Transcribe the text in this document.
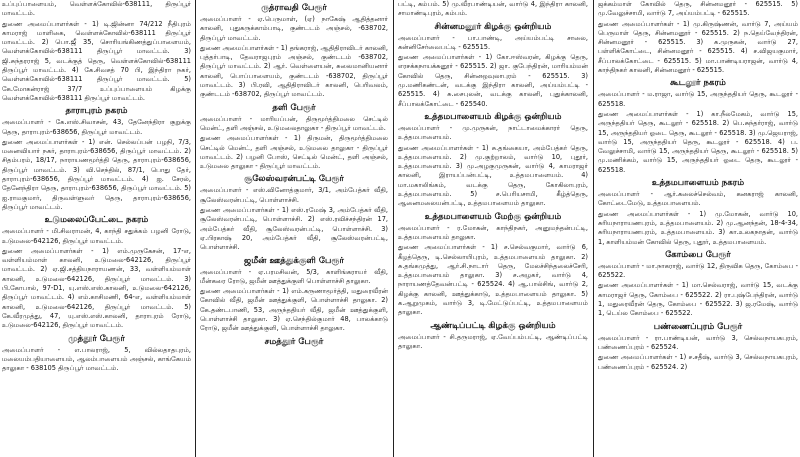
உப்புப்பாளையம், வெள்ளக்கோவில்-638111, திருப்பூர் மாவட்டம்.
துணை அமைப்பாளர்கள் - 1) டி.ஜின்னா 74/212 நீதிபுரம் காமராஜ் மாளிகை, வெள்ளக்கோவில்-638111 திருப்பூர் மாவட்டம். 2) பொ.ஜீ 35, சொரியங்கிணத்துப்பாளையம், வெள்ளக்கோவில்-638111 திருப்பூர் மாவட்டம். 3) ஜி.சுந்தரராஜ் 5, வடக்குத் தெரு, வெள்ளக்கோவில்-638111 திருப்பூர் மாவட்டம். 4) கே.சிவசத் 70 பி, இந்திரா நகர், வெள்ளக்கோவில்-638111 திருப்பூர் மாவட்டம். 5) கே.மோகன்ராஜ் 37/7 உப்புப்பாளையம் கிழக்கு வெள்ளக்கோவில்-638111 திருப்பூர் மாவட்டம்.
தாராபுரம் நகரம்
அமைப்பாளர் - கே.எஸ்.சிவாசன், 43, தேனேந்திரா குறுக்கு தெரு, தாராபுரம்-638656, திருப்பூர் மாவட்டம்.
துணை அமைப்பாளர்கள் - 1) என். செல்லப்பன் பழநி, 7/3, மனைவியார் நகர், தாராபுரம்-638656, திருப்பூர் மாவட்டம். 2) சிதம்பரம், 18/17, நாராயணமூர்த்தி தெரு, தாராபுரம்-638656, திருப்பூர் மாவட்டம். 3) வி.செந்தில், 87/1, பொது தேர், தாராபுரம்-638656, திருப்பூர் மாவட்டம். 4) ஐ. சேரல், தேனேந்திரா தெரு, தாராபுரம்-638656, திருப்பூர் மாவட்டம். 5) ஐ.ராமகுமார், திருவள்ளுவர் தெரு, தாராபுரம்-638656, திருப்பூர் மாவட்டம்.
உடுமலைப்பேட்டை நகரம்
அமைப்பாளர் - மி.சிவராமன், 4, காந்தி சதுக்கம் பழனி ரோடு, உடுமலை-642126, திருப்பூர் மாவட்டம்.
துணை அமைப்பாளர்கள் - 1) எம்.முருகேசன், 17-எ, வள்ளியம்மாள் காலனி, உடுமலை-642126, திருப்பூர் மாவட்டம். 2) ஏ.ஜி.சத்தியநாராயணன், 33, வள்ளியம்மாள் காலனி, உடுமலை-642126, திருப்பூர் மாவட்டம். 3) பி.கோபால், 97-D1, யு.எஸ்.எஸ்.காலனி, உடுமலை-642126, திருப்பூர் மாவட்டம். 4) எம்.காசிமணி, 64-எ, வள்ளியம்மாள் காலனி, உடுமலை-642126, திருப்பூர் மாவட்டம். 5) கே.வீரமுத்து, 47, யு.எஸ்.எஸ்.காலனி, தாராபுரம் ரோடு, உடுமலை-642126, திருப்பூர் மாவட்டம்.
முத்தூர் பேரூர்
அமைப்பாளர் - எ.பாலராஜ், 5, வில்லதாதபுரம், மலையம்பதியாளையம், ஆலம்பாளையம் அஞ்சல், காங்கேயம் தாலுகா - 638105 திருப்பூர் மாவட்டம்.
ருத்ராவதி பேரூர்
அமைப்பாளர் - ஏ.பெருமாள், (ஏ) நாகேஷ் ஆதித்தனார் காலனி, புதுகருக்காம்பாடி, குண்டடம் அஞ்சல், -638702, திருப்பூர் மாவட்டம்.
துணை அமைப்பாளர்கள் - 1) தங்கராஜ், ஆதிதிராவிடர் காலனி, புத்தர்பாடி, தேவராஜபுரம் அஞ்சல், குண்டடம் -638702, திருப்பூர் மாவட்டம். 2) ஆர். வெள்ளையன், சுலைமானியனார் காலனி, பொப்பாளையம், குண்டடம் -638702, திருப்பூர் மாவட்டம். 3) பி.ரவி, ஆதிதிராவிடர் காலனி, பெரிவலம், குண்டடம் -638702, திருப்பூர் மாவட்டம்.
தளி பேரூர்
அமைப்பாளர் - மாரியப்பன், திருமூர்த்திமலை செட்டில் மென்ட், தளி அஞ்சல், உடுமலைதாலுகா - திருப்பூர் மாவட்டம்.
துணை அமைப்பாளர்கள் - 1) திருமன், திருமூர்த்திமலை செட்டில் மென்ட், தளி அஞ்சல், உடுமலை தாலுகா - திருப்பூர் மாவட்டம். 2) பழனி போஸ், செட்டில் மென்ட், தளி அஞ்சல், உடுமலை தாலுகா - திருப்பூர் மாவட்டம்.
சூலேஸ்வரன்பட்டி பேரூர்
அமைப்பாளர் - எஸ்.வினோத்குமார், 3/1, அம்பேத்கர் வீதி, சூலேஸ்வரன்பட்டி, பொள்ளாச்சி.
துணை அமைப்பாளர்கள் - 1) எஸ்.ரமேஷ் 3, அம்பேத்கர் வீதி, சூலேஸ்வரன்பட்டி, பொள்ளாச்சி. 2) எஸ்.ரவிச்சந்திரன் 17, அம்பேத்கர் வீதி, சூலேஸ்வரன்பட்டி, பொள்ளாச்சி. 3) ஏ.பிரகாஷ் 20, அம்பேத்கர் வீதி, சூலேஸ்வரன்பட்டி, பொள்ளாச்சி.
ஜமீன் ஊத்துக்குளி பேரூர்
அமைப்பாளர் - ஏ.பரமசிவன், 5/3, காளிங்கராயர் வீதி, மீன்கரை ரோடு, ஜமீன் ஊத்துக்குளி பொள்ளாச்சி தாலுகா.
துணை அமைப்பாளர்கள் - 1) எம்.கருணாமூர்த்தி, மதுரைவீரன் கோவில் வீதி, ஜமீன் ஊத்துக்குளி, பொள்ளாச்சி தாலுகா. 2) கே.தண்டபாணி, 53, அருந்ததியர் வீதி, ஜமீன் ஊத்துக்குளி, பொள்ளாச்சி தாலுகா. 3) ஏ.செந்தில்குமார் 48, பாலக்காடு ரோடு, ஜமீன் ஊத்துக்குளி, பொள்ளாச்சி தாலுகா.
சமத்தூர் பேரூர்
பட்டி, கம்பம். 5) மு.வீரபாண்டியன், வார்டு 4, இந்திரா காலனி, சாமாண்டிபுரம், கம்பம்.
சின்னமனூர் கிழக்கு ஒன்றியம்
அமைப்பாளர் - பா.பாண்டி, அய்யம்பட்டி சாலை, கன்னிசேர்வைபட்டி - 625515.
துணை அமைப்பாளர்கள் - 1) கோ.ஈஸ்வரன், கிழக்கு தெரு, எரசக்கநாயக்கனூர் - 625515. 2) ஜா. குபேந்திரன், மாரியம்மன் கோவில் தெரு, சின்னஒவுலாபுரம் - 625515. 3) மு.மணிகண்டன், வடக்கு இந்திரா காலனி, அய்யம்பட்டி - 625515. 4) சு.சைபுலன், வடக்கு காலனி, புதுக்காலனி, சீப்பாலக்கோட்டை - 625540.
உத்தமபாளையம் கிழக்கு ஒன்றியம்
அமைப்பாளர் - மு.முருகன், நாட்டாமைக்காரர் தெரு, உத்தமபாளையம்.
துணை அமைப்பாளர்கள் - 1) சு.தங்கையா, அம்பேத்கர் தெரு, உத்தமபாளையம். 2) மு.குற்றாலம், வார்டு 10, புதூர், உத்தமபாளையம். 3) மு.அழகுமுருகன், வார்டு 4, காமராஜர் காலனி, இராயப்பன்பட்டி, உத்தமபாளையம். 4) மா.மகாலிங்கம், வடக்கு தெரு, கோகிலாபுரம், உத்தமபாளையம். 5) ச.பெரியசாமி, கீழ்த்தெரு, ஆனைமலையன்பட்டி, உத்தமபாளையம் தாலுகா.
உத்தமபாளையம் மேற்கு ஒன்றியம்
அமைப்பாளர் - ர.மோகன், காந்திநகர், அனுமந்தன்பட்டி, உத்தமபாளையம் தாலுகா.
துணை அமைப்பாளர்கள் - 1) ச.செல்வகுமார், வார்டு 6, கீழத்தெரு, டி.செல்லாயிபுரம், உத்தமபாளையம் தாலுகா. 2) சு.தங்கமுத்து, ஆர்.சி.நாடார் தெரு, மேலச்சிந்தலைச்சேரி, உத்தமபாளையம் தாலுகா. 3) ச.அழகர், வார்டு 4, நாராயணத்தேவன்பட்டி - 625524. 4) ஆ.பால்சிங், வார்டு 2, கிழக்கு காலனி, ஊத்துக்காடு, உத்தமபாளையம் தாலுகா. 5) க.ஆறுமுகம், வார்டு 3, டி.மேட்டுப்பட்டி, உத்தமபாளையம் தாலுகா.
ஆண்டிப்பட்டி கிழக்கு ஒன்றியம்
அமைப்பாளர் - சி.தருமராஜ், ஏ.வேப்பம்பட்டி, ஆண்டிப்பட்டி தாலுகா.
ஜக்கம்மாள் கோவில் தெரு, சின்னமனூர் - 625515. 5) மு.வேலுச்சாமி, வார்டு 7, அய்யம்பட்டி - 625515.
துணை அமைப்பாளர்கள் - 1) மு.கிருஷ்ணன், வார்டு 7, அய்யம் பெருமாள் தெரு, சின்னமனூர் - 625515. 2) ந.தெய்வேந்திரன், சின்னமனூர் - 625515. 3) க.முருகன், வார்டு 27, பள்ளிக்கோட்டை, சின்னமனூர் - 625515. 4) ச.விஜயகுமார், சீப்பாலக்கோட்டை - 625515. 5) மா.பாண்டியராஜன், வார்டு 4, காந்திநகர் காலனி, சின்னமனூர் - 625515.
கூடலூர் நகரம்
அமைப்பாளர் - ம.ராஜா, வார்டு 15, அருந்ததியர் தெரு, கூடலூர் - 625518.
துணை அமைப்பாளர்கள் - 1) கா.நீலமேகம், வார்டு 15, அருந்ததியர் தெரு, கூடலூர் - 625518. 2) பெ.சுந்தர்ராஜ், வார்டு 15, அருந்ததியர் ஓடை தெரு, கூடலூர் - 625518. 3) மு.ஜெயராஜ், வார்டு 15, அருந்ததியர் தெரு, கூடலூர் - 625518. 4) ப. வேலுச்சாமி, வார்டு 15, அருந்ததியர் தெரு, கூடலூர் - 625518. 5) மு.மணிக்கம், வார்டு 15, அருந்ததியர் ஓடை தெரு, கூடலூர் - 625518.
உத்தமபாளையம் நகரம்
அமைப்பாளர் - ஆர்.கலைச்செல்வம், கனகராஜ் காலனி, கோட்டைமேடு, உத்தமபாளையம்.
துணை அமைப்பாளர்கள் - 1) மு.மோகன், வார்டு 10, சுரியநாராயணபுரம், உத்தமபாளையம். 2) மு.ஆனந்தன், 18-4-34, சுரியநாராயணபுரம், உத்தமபாளையம். 3) கா.உலகநாதன், வார்டு 1, காளியம்மன் கோவில் தெரு, புதூர், உத்தமபாளையம்.
கோம்பை பேரூர்
அமைப்பாளர் - மா.நாகராஜ், வார்டு 12, திருவிக தெரு, கோம்பை - 625522.
துணை அமைப்பாளர்கள் - 1) மா.செல்வராஜ், வார்டு 15, வடக்கு காமராஜர் தெரு, கோம்பை - 625522. 2) ரா.புஷ்பேந்திரன், வார்டு 1, மதுரைவீரன் தெரு, கோம்பை - 625522. 3) ஜ.ரமேஷ், வார்டு 1, டெய்ல கோம்பை - 625522.
பண்ணைப்புரம் பேரூர்
அமைப்பாளர் - ரா.பாண்டியன், வார்டு 3, செல்வநாயகபுரம், பண்ணைப்புரம் - 625524.
துணை அமைப்பாளர்கள் - 1) ச.சதீஷ், வார்டு 3, செல்வநாயகபுரம், பண்ணைப்புரம் - 625524. 2)
